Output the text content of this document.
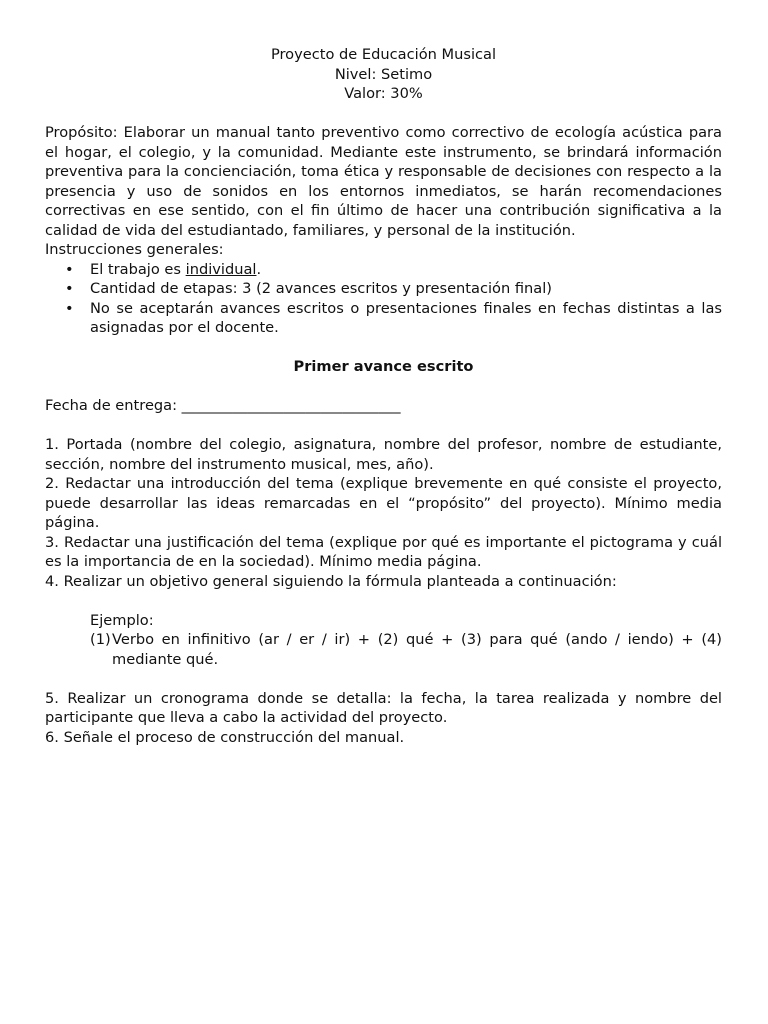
Proyecto de Educación Musical

Nivel: Setimo

Valor: 30%

Propósito: Elaborar un manual tanto preventivo como correctivo de ecología acústica para el hogar, el colegio, y la comunidad. Mediante este instrumento, se brindará información preventiva para la concienciación, toma ética y responsable de decisiones con respecto a la presencia y uso de sonidos en los entornos inmediatos, se harán recomendaciones correctivas en ese sentido, con el fin último de hacer una contribución significativa a la calidad de vida del estudiantado, familiares, y personal de la institución.

Instrucciones generales:

• El trabajo es individual.
• Cantidad de etapas: 3 (2 avances escritos y presentación final)
• No se aceptarán avances escritos o presentaciones finales en fechas distintas a las asignadas por el docente.

Primer avance escrito

Fecha de entrega: ______________________________

1. Portada (nombre del colegio, asignatura, nombre del profesor, nombre de estudiante, sección, nombre del instrumento musical, mes, año).

2. Redactar una introducción del tema (explique brevemente en qué consiste el proyecto, puede desarrollar las ideas remarcadas en el “propósito” del proyecto). Mínimo media página.

3. Redactar una justificación del tema (explique por qué es importante el pictograma y cuál es la importancia de en la sociedad). Mínimo media página.

4. Realizar un objetivo general siguiendo la fórmula planteada a continuación:

Ejemplo:

(1) Verbo en infinitivo (ar / er / ir) + (2) qué + (3) para qué (ando / iendo) + (4) mediante qué.

5. Realizar un cronograma donde se detalla: la fecha, la tarea realizada y nombre del participante que lleva a cabo la actividad del proyecto.

6. Señale el proceso de construcción del manual.
